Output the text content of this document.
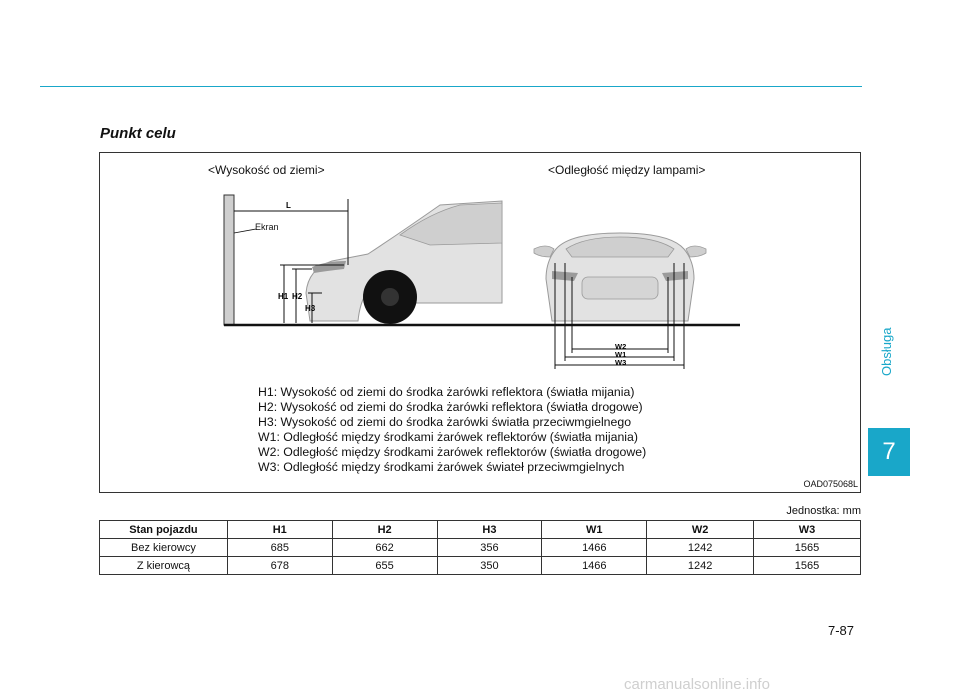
Punkt celu
L
H1 H2
H3
W2
W1
W3
<Wysokość od ziemi>	<Odległość między lampami>
Ekran
H1: Wysokość od ziemi do środka żarówki reflektora (światła mijania)
H2: Wysokość od ziemi do środka żarówki reflektora (światła drogowe)
H3: Wysokość od ziemi do środka żarówki światła przeciwmgielnego
W1: Odległość między środkami żarówek reflektorów (światła mijania)
W2: Odległość między środkami żarówek reflektorów (światła drogowe)
W3: Odległość między środkami żarówek świateł przeciwmgielnych
OAD075068L
Jednostka: mm
Stan pojazdu	H1	H2	H3	W1	W2	W3
Bez kierowcy	685	662	356	1466	1242	1565
Z kierowcą	678	655	350	1466	1242	1565
Obsługa
7
7-87
carmanualsonline.info
